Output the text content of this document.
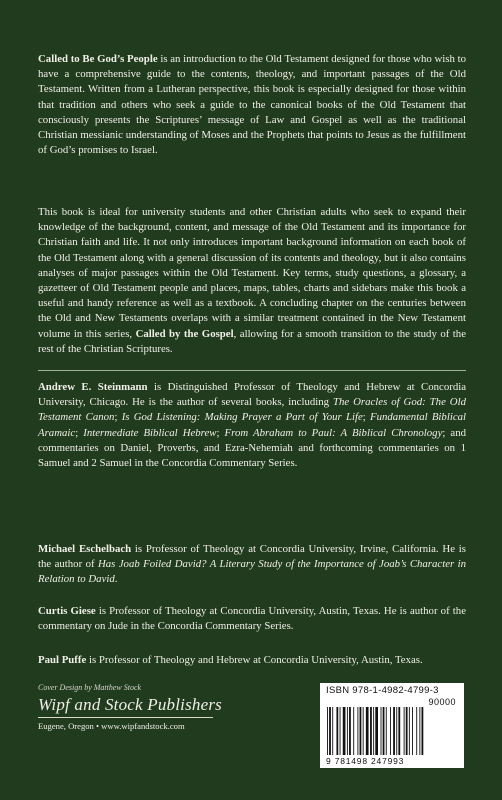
Called to Be God’s People is an introduction to the Old Testament designed for those who wish to have a comprehensive guide to the contents, theology, and important passages of the Old Testament. Written from a Lutheran perspective, this book is especially designed for those within that tradition and others who seek a guide to the canonical books of the Old Testament that consciously presents the Scriptures’ message of Law and Gospel as well as the traditional Christian messianic understanding of Moses and the Prophets that points to Jesus as the fulfillment of God’s promises to Israel.

This book is ideal for university students and other Christian adults who seek to expand their knowledge of the background, content, and message of the Old Testament and its importance for Christian faith and life. It not only introduces important background information on each book of the Old Testament along with a general discussion of its contents and theology, but it also contains analyses of major passages within the Old Testament. Key terms, study questions, a glossary, a gazetteer of Old Testament people and places, maps, tables, charts and sidebars make this book a useful and handy reference as well as a textbook. A concluding chapter on the centuries between the Old and New Testaments overlaps with a similar treatment contained in the New Testament volume in this series, Called by the Gospel, allowing for a smooth transition to the study of the rest of the Christian Scriptures.

Andrew E. Steinmann is Distinguished Professor of Theology and Hebrew at Concordia University, Chicago. He is the author of several books, including The Oracles of God: The Old Testament Canon; Is God Listening: Making Prayer a Part of Your Life; Fundamental Biblical Aramaic; Intermediate Biblical Hebrew; From Abraham to Paul: A Biblical Chronology; and commentaries on Daniel, Proverbs, and Ezra-Nehemiah and forthcoming commentaries on 1 Samuel and 2 Samuel in the Concordia Commentary Series.

Michael Eschelbach is Professor of Theology at Concordia University, Irvine, California. He is the author of Has Joab Foiled David? A Literary Study of the Importance of Joab’s Character in Relation to David.

Curtis Giese is Professor of Theology at Concordia University, Austin, Texas. He is author of the commentary on Jude in the Concordia Commentary Series.

Paul Puffe is Professor of Theology and Hebrew at Concordia University, Austin, Texas.

Cover Design by Matthew Stock
Wipf and Stock Publishers
Eugene, Oregon • www.wipfandstock.com
ISBN 978-1-4982-4799-3
90000
9 781498 247993
